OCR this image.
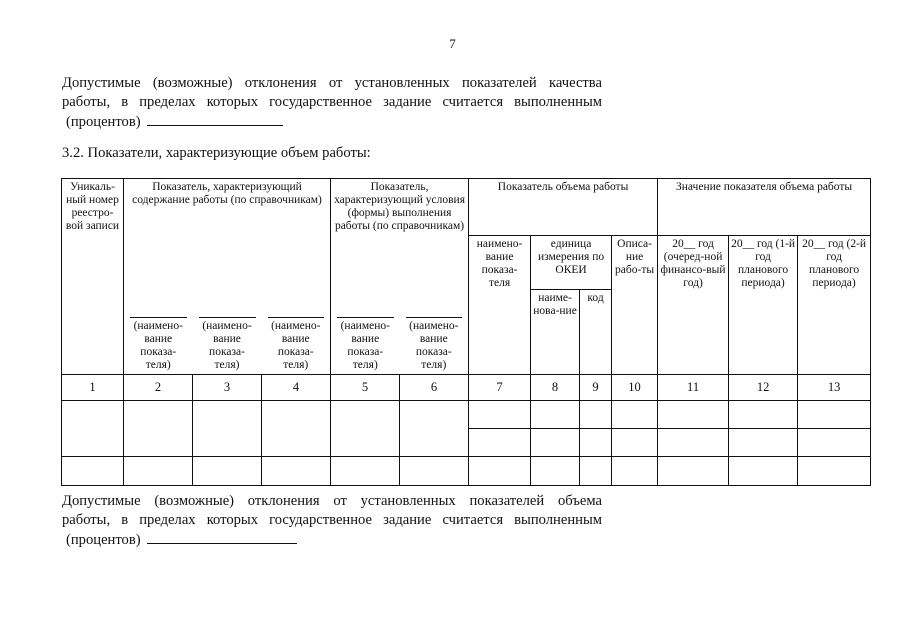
7
Допустимые (возможные) отклонения от установленных показателей качества
работы, в пределах которых государственное задание считается выполненным
(процентов)
3.2. Показатели, характеризующие объем работы:
Уникаль-ный номер реестро-вой записи	Показатель, характеризующий содержание работы (по справочникам)			Показатель, характеризующий условия (формы) выполнения работы (по справочникам)		Показатель объема работы				Значение показателя объема работы		
						наимено-вание показа-теля	единица измерения по ОКЕИ		Описа-ние рабо-ты	20__ год (очеред-ной финансо-вый год)	20__ год (1-й год планового периода)	20__ год (2-й год планового периода)

	(наимено-вание показа-теля)	(наимено-вание показа-теля)	(наимено-вание показа-теля)	(наимено-вание показа-теля)	(наимено-вание показа-теля)		наиме-нова-ние	код				
1	2	3	4	5	6	7	8	9	10	11	12	13

Допустимые (возможные) отклонения от установленных показателей объема
работы, в пределах которых государственное задание считается выполненным
(процентов)
